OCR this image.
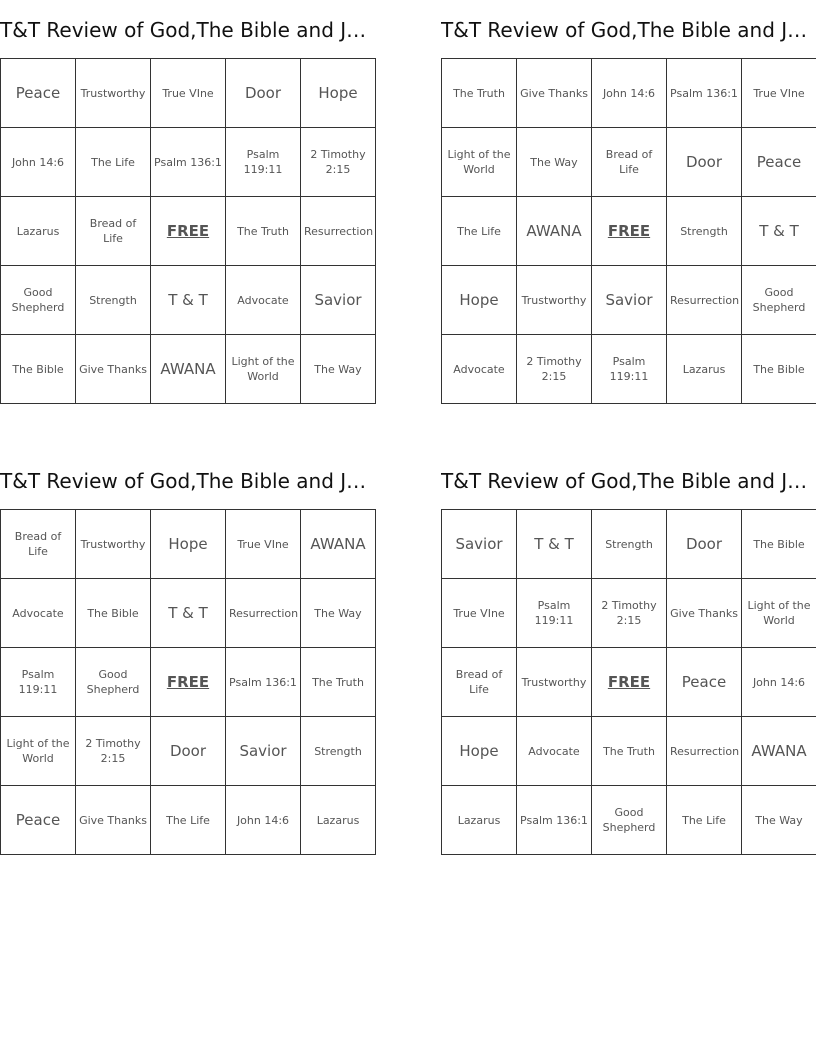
T&T Review of God,The Bible and J…
Peace	Trustworthy	True VIne	Door	Hope
John 14:6	The Life	Psalm 136:1	Psalm 119:11	2 Timothy 2:15
Lazarus	Bread of Life	FREE	The Truth	Resurrection
Good Shepherd	Strength	T & T	Advocate	Savior
The Bible	Give Thanks	AWANA	Light of the World	The Way
T&T Review of God,The Bible and J…
The Truth	Give Thanks	John 14:6	Psalm 136:1	True VIne
Light of the World	The Way	Bread of Life	Door	Peace
The Life	AWANA	FREE	Strength	T & T
Hope	Trustworthy	Savior	Resurrection	Good Shepherd
Advocate	2 Timothy 2:15	Psalm 119:11	Lazarus	The Bible
T&T Review of God,The Bible and J…
Bread of Life	Trustworthy	Hope	True VIne	AWANA
Advocate	The Bible	T & T	Resurrection	The Way
Psalm 119:11	Good Shepherd	FREE	Psalm 136:1	The Truth
Light of the World	2 Timothy 2:15	Door	Savior	Strength
Peace	Give Thanks	The Life	John 14:6	Lazarus
T&T Review of God,The Bible and J…
Savior	T & T	Strength	Door	The Bible
True VIne	Psalm 119:11	2 Timothy 2:15	Give Thanks	Light of the World
Bread of Life	Trustworthy	FREE	Peace	John 14:6
Hope	Advocate	The Truth	Resurrection	AWANA
Lazarus	Psalm 136:1	Good Shepherd	The Life	The Way
